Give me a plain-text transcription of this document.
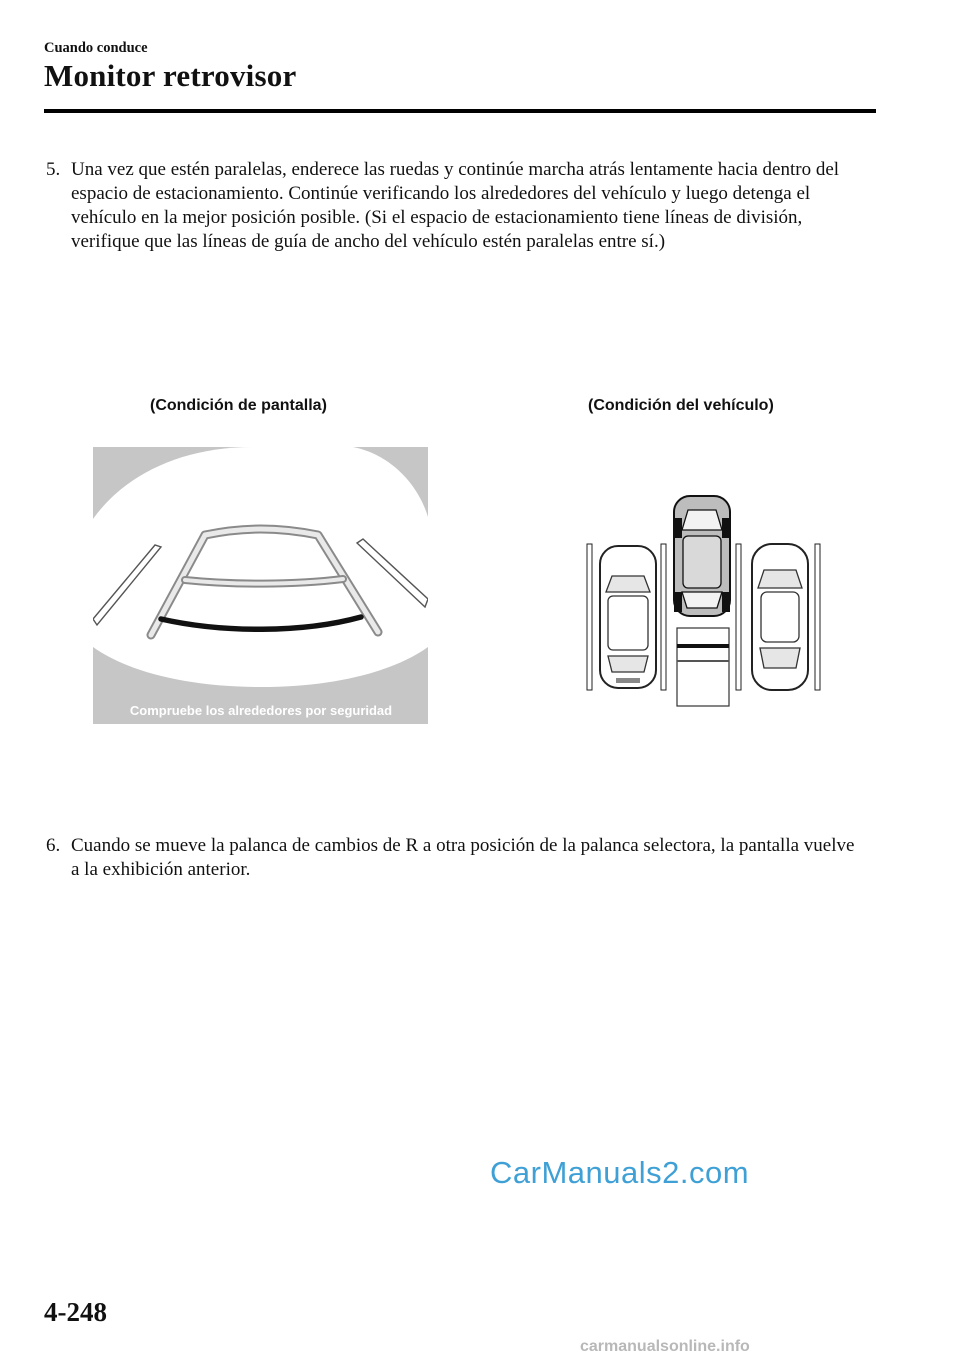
Cuando conduce
Monitor retrovisor
5. Una vez que estén paralelas, enderece las ruedas y continúe marcha atrás lentamente hacia dentro del espacio de estacionamiento. Continúe verificando los alrededores del vehículo y luego detenga el vehículo en la mejor posición posible. (Si el espacio de estacionamiento tiene líneas de división, verifique que las líneas de guía de ancho del vehículo estén paralelas entre sí.)
(Condición de pantalla)	(Condición del vehículo)
Compruebe los alrededores por seguridad
6. Cuando se mueve la palanca de cambios de R a otra posición de la palanca selectora, la pantalla vuelve a la exhibición anterior.
CarManuals2.com
4-248
carmanualsonline.info
